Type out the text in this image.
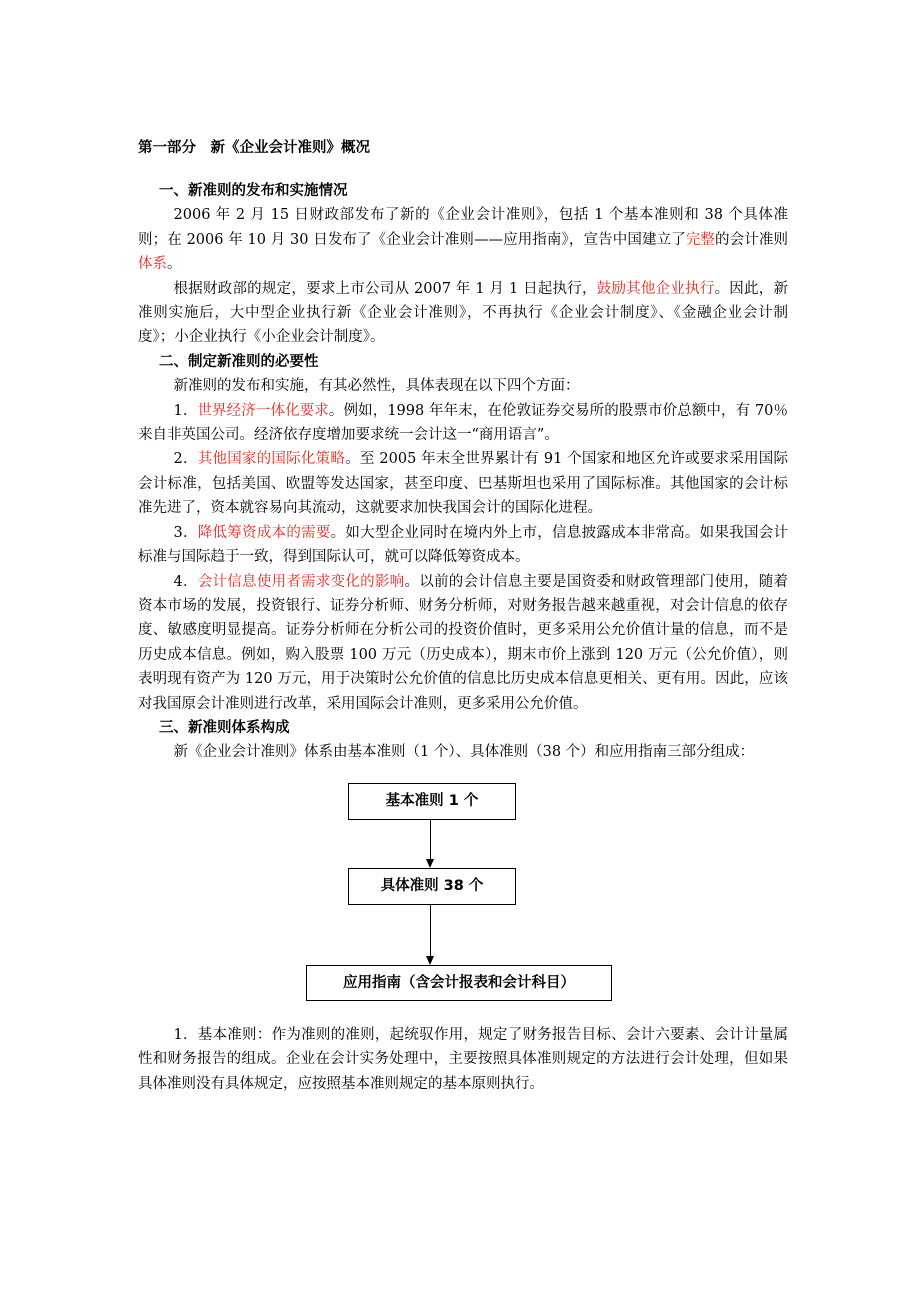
第一部分　新《企业会计准则》概况
一、新准则的发布和实施情况

2006 年 2 月 15 日财政部发布了新的《企业会计准则》，包括 1 个基本准则和 38 个具体准则；在 2006 年 10 月 30 日发布了《企业会计准则——应用指南》，宣告中国建立了完整的会计准则体系。

根据财政部的规定，要求上市公司从 2007 年 1 月 1 日起执行，鼓励其他企业执行。因此，新准则实施后，大中型企业执行新《企业会计准则》，不再执行《企业会计制度》、《金融企业会计制度》；小企业执行《小企业会计制度》。

二、制定新准则的必要性

新准则的发布和实施，有其必然性，具体表现在以下四个方面：

1．世界经济一体化要求。例如，1998 年年末，在伦敦证券交易所的股票市价总额中，有 70％来自非英国公司。经济依存度增加要求统一会计这一“商用语言”。

2．其他国家的国际化策略。至 2005 年末全世界累计有 91 个国家和地区允许或要求采用国际会计标准，包括美国、欧盟等发达国家，甚至印度、巴基斯坦也采用了国际标准。其他国家的会计标准先进了，资本就容易向其流动，这就要求加快我国会计的国际化进程。

3．降低筹资成本的需要。如大型企业同时在境内外上市，信息披露成本非常高。如果我国会计标准与国际趋于一致，得到国际认可，就可以降低筹资成本。

4．会计信息使用者需求变化的影响。以前的会计信息主要是国资委和财政管理部门使用，随着资本市场的发展，投资银行、证券分析师、财务分析师，对财务报告越来越重视，对会计信息的依存度、敏感度明显提高。证券分析师在分析公司的投资价值时，更多采用公允价值计量的信息，而不是历史成本信息。例如，购入股票 100 万元（历史成本），期末市价上涨到 120 万元（公允价值），则表明现有资产为 120 万元，用于决策时公允价值的信息比历史成本信息更相关、更有用。因此，应该对我国原会计准则进行改革，采用国际会计准则，更多采用公允价值。

三、新准则体系构成

新《企业会计准则》体系由基本准则（1 个）、具体准则（38 个）和应用指南三部分组成：

基本准则 1 个
具体准则 38 个
应用指南（含会计报表和会计科目）

1．基本准则：作为准则的准则，起统驭作用，规定了财务报告目标、会计六要素、会计计量属性和财务报告的组成。企业在会计实务处理中，主要按照具体准则规定的方法进行会计处理，但如果具体准则没有具体规定，应按照基本准则规定的基本原则执行。
